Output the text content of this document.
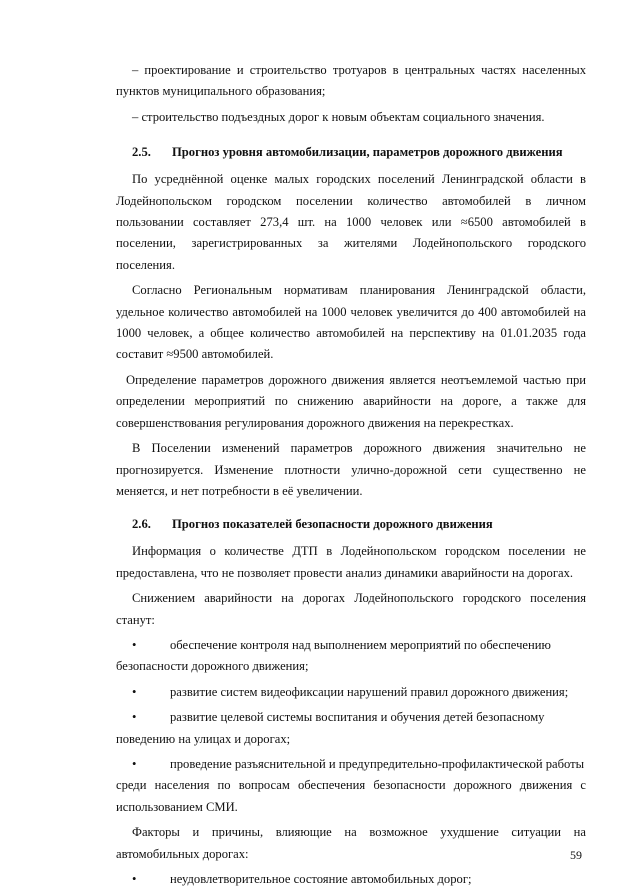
– проектирование и строительство тротуаров в центральных частях населенных пунктов муниципального образования;

– строительство подъездных дорог к новым объектам социального значения.

2.5.	Прогноз уровня автомобилизации, параметров дорожного движения

По усреднённой оценке малых городских поселений Ленинградской области в Лодейнопольском городском поселении количество автомобилей в личном пользовании составляет 273,4 шт. на 1000 человек или ≈6500 автомобилей в поселении, зарегистрированных за жителями Лодейнопольского городского поселения.

Согласно Региональным нормативам планирования Ленинградской области, удельное количество автомобилей на 1000 человек увеличится до 400 автомобилей на 1000 человек, а общее количество автомобилей на перспективу на 01.01.2035 года составит ≈9500 автомобилей.

Определение параметров дорожного движения является неотъемлемой частью при определении мероприятий по снижению аварийности на дороге, а также для совершенствования регулирования дорожного движения на перекрестках.

В Поселении изменений параметров дорожного движения значительно не прогнозируется. Изменение плотности улично-дорожной сети существенно не меняется, и нет потребности в её увеличении.

2.6.	Прогноз показателей безопасности дорожного движения

Информация о количестве ДТП в Лодейнопольском городском поселении не предоставлена, что не позволяет провести анализ динамики аварийности на дорогах.

Снижением аварийности на дорогах Лодейнопольского городского поселения станут:

•	обеспечение контроля над выполнением мероприятий по обеспечению

безопасности дорожного движения;

•	развитие систем видеофиксации нарушений правил дорожного движения;
•	развитие целевой системы воспитания и обучения детей безопасному

поведению на улицах и дорогах;

•	проведение разъяснительной и предупредительно-профилактической работы

среди населения по вопросам обеспечения безопасности дорожного движения с использованием СМИ.

Факторы и причины, влияющие на возможное ухудшение ситуации на автомобильных дорогах:

•	неудовлетворительное состояние автомобильных дорог;
59
